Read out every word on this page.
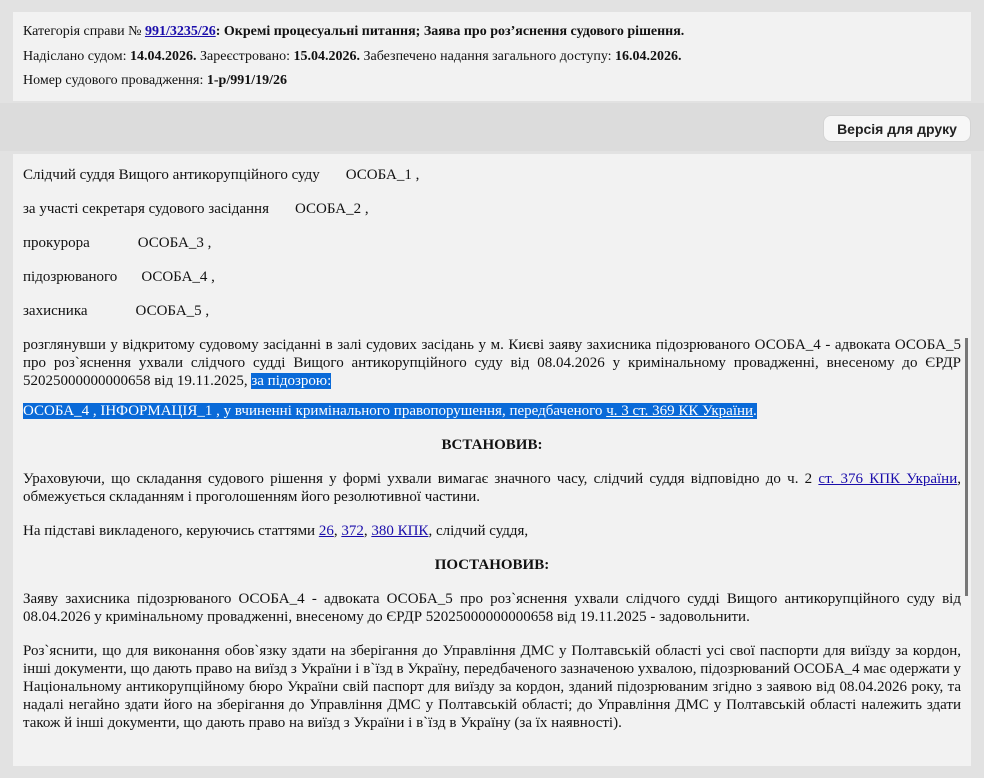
Категорія справи № 991/3235/26: Окремі процесуальні питання; Заява про роз’яснення судового рішення.
Надіслано судом: 14.04.2026. Зареєстровано: 15.04.2026. Забезпечено надання загального доступу: 16.04.2026.
Номер судового провадження: 1-р/991/19/26
Версія для друку

Слідчий суддя Вищого антикорупційного суду ОСОБА_1 ,

за участі секретаря судового засідання ОСОБА_2 ,

прокурора	ОСОБА_3 ,

підозрюваного ОСОБА_4 ,

захисника	ОСОБА_5 ,

розглянувши у відкритому судовому засіданні в залі судових засідань у м. Києві заяву захисника підозрюваного ОСОБА_4 - адвоката ОСОБА_5 про роз`яснення ухвали слідчого судді Вищого антикорупційного суду від 08.04.2026 у кримінальному провадженні, внесеному до ЄРДР 52025000000000658 від 19.11.2025, за підозрою:

ОСОБА_4 , ІНФОРМАЦІЯ_1 , у вчиненні кримінального правопорушення, передбаченого ч. 3 ст. 369 КК України.

ВСТАНОВИВ:

Ураховуючи, що складання судового рішення у формі ухвали вимагає значного часу, слідчий суддя відповідно до ч. 2 ст. 376 КПК України, обмежується складанням і проголошенням його резолютивної частини.

На підставі викладеного, керуючись статтями 26, 372, 380 КПК, слідчий суддя,

ПОСТАНОВИВ:

Заяву захисника підозрюваного ОСОБА_4 - адвоката ОСОБА_5 про роз`яснення ухвали слідчого судді Вищого антикорупційного суду від 08.04.2026 у кримінальному провадженні, внесеному до ЄРДР 52025000000000658 від 19.11.2025 - задовольнити.

Роз`яснити, що для виконання обов`язку здати на зберігання до Управління ДМС у Полтавській області усі свої паспорти для виїзду за кордон, інші документи, що дають право на виїзд з України і в`їзд в Україну, передбаченого зазначеною ухвалою, підозрюваний ОСОБА_4 має одержати у Національному антикорупційному бюро України свій паспорт для виїзду за кордон, зданий підозрюваним згідно з заявою від 08.04.2026 року, та надалі негайно здати його на зберігання до Управління ДМС у Полтавській області; до Управління ДМС у Полтавській області належить здати також й інші документи, що дають право на виїзд з України і в`їзд в Україну (за їх наявності).
